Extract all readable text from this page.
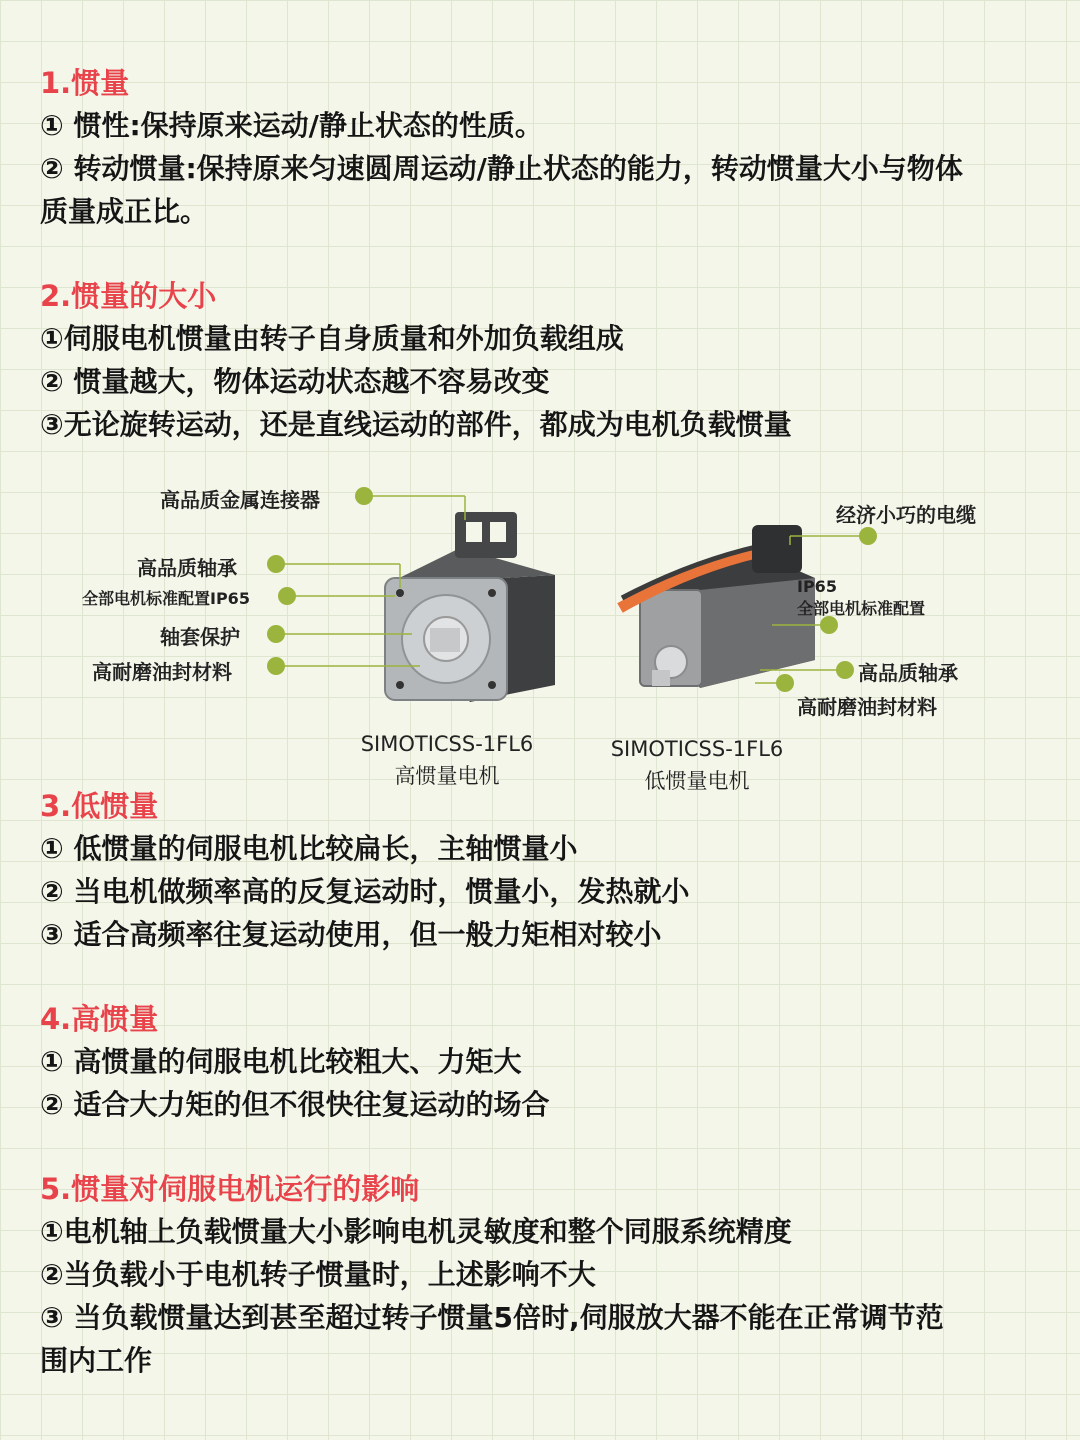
1.惯量
① 惯性:保持原来运动/静止状态的性质。
② 转动惯量:保持原来匀速圆周运动/静止状态的能力，转动惯量大小与物体
质量成正比。
2.惯量的大小
①伺服电机惯量由转子自身质量和外加负载组成
② 惯量越大，物体运动状态越不容易改变
③无论旋转运动，还是直线运动的部件，都成为电机负载惯量
高品质金属连接器
高品质轴承
全部电机标准配置IP65
轴套保护
高耐磨油封材料
经济小巧的电缆
IP65
全部电机标准配置
高品质轴承
高耐磨油封材料
SIMOTICSS-1FL6
高惯量电机
SIMOTICSS-1FL6
低惯量电机
3.低惯量
① 低惯量的伺服电机比较扁长，主轴惯量小
② 当电机做频率高的反复运动时，惯量小，发热就小
③ 适合高频率往复运动使用，但一般力矩相对较小
4.高惯量
① 高惯量的伺服电机比较粗大、力矩大
② 适合大力矩的但不很快往复运动的场合
5.惯量对伺服电机运行的影响
①电机轴上负载惯量大小影响电机灵敏度和整个同服系统精度
②当负载小于电机转子惯量时，上述影响不大
③ 当负载惯量达到甚至超过转子惯量5倍时,伺服放大器不能在正常调节范
围内工作
